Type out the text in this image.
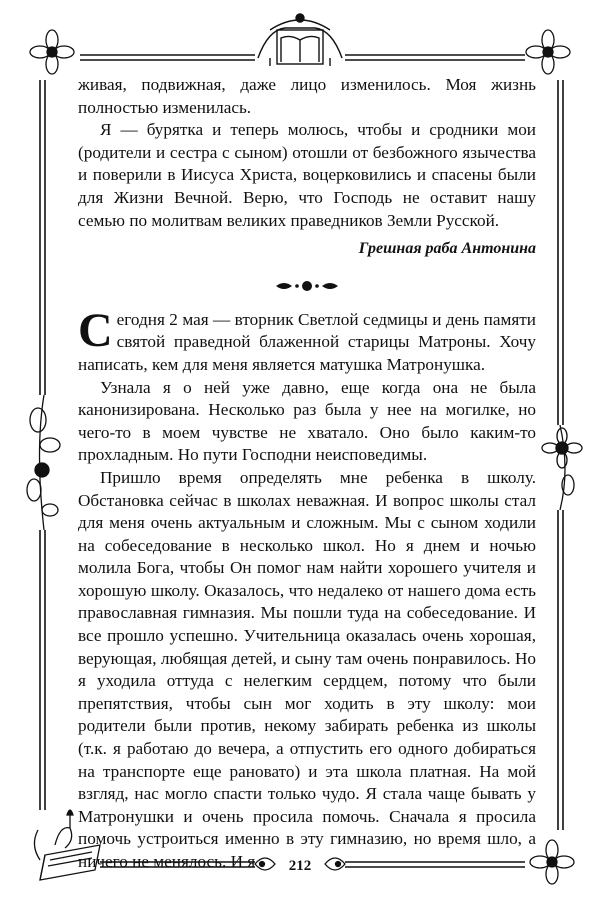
живая, подвижная, даже лицо изменилось. Моя жизнь полностью изменилась.

Я — бурятка и теперь молюсь, чтобы и сродники мои (родители и сестра с сыном) отошли от безбожного язычества и поверили в Иисуса Христа, воцерковились и спасены были для Жизни Вечной. Верю, что Господь не оставит нашу семью по молитвам великих праведников Земли Русской.

Грешная раба Антонина

Сегодня 2 мая — вторник Светлой седмицы и день памяти святой праведной блаженной старицы Матроны. Хочу написать, кем для меня является матушка Матронушка.

Узнала я о ней уже давно, еще когда она не была канонизирована. Несколько раз была у нее на могилке, но чего-то в моем чувстве не хватало. Оно было каким-то прохладным. Но пути Господни неисповедимы.

Пришло время определять мне ребенка в школу. Обстановка сейчас в школах неважная. И вопрос школы стал для меня очень актуальным и сложным. Мы с сыном ходили на собеседование в несколько школ. Но я днем и ночью молила Бога, чтобы Он помог нам найти хорошего учителя и хорошую школу. Оказалось, что недалеко от нашего дома есть православная гимназия. Мы пошли туда на собеседование. И все прошло успешно. Учительница оказалась очень хорошая, верующая, любящая детей, и сыну там очень понравилось. Но я уходила оттуда с нелегким сердцем, потому что были препятствия, чтобы сын мог ходить в эту школу: мои родители были против, некому забирать ребенка из школы (т.к. я работаю до вечера, а отпустить его одного добираться на транспорте еще рановато) и эта школа платная. На мой взгляд, нас могло спасти только чудо. Я стала чаще бывать у Матронушки и очень просила помочь. Сначала я просила помочь устроиться именно в эту гимназию, но время шло, а ничего не менялось. И я	212
